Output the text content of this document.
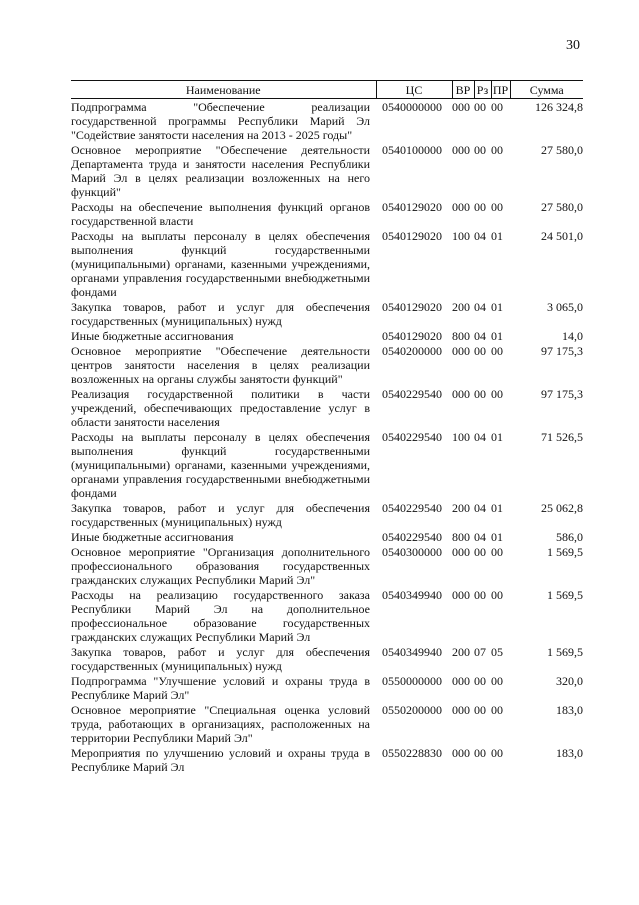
30
Наименование	ЦС	ВР	Рз	ПР	Сумма
Подпрограмма "Обеспечение реализации государственной программы Республики Марий Эл "Содействие занятости населения на 2013 - 2025 годы"	0540000000	000	00	00	126 324,8
Основное мероприятие "Обеспечение деятельности Департамента труда и занятости населения Республики Марий Эл в целях реализации возложенных на него функций"	0540100000	000	00	00	27 580,0
Расходы на обеспечение выполнения функций органов государственной власти	0540129020	000	00	00	27 580,0
Расходы на выплаты персоналу в целях обеспечения выполнения функций государственными (муниципальными) органами, казенными учреждениями, органами управления государственными внебюджетными фондами	0540129020	100	04	01	24 501,0
Закупка товаров, работ и услуг для обеспечения государственных (муниципальных) нужд	0540129020	200	04	01	3 065,0
Иные бюджетные ассигнования	0540129020	800	04	01	14,0
Основное мероприятие "Обеспечение деятельности центров занятости населения в целях реализации возложенных на органы службы занятости функций"	0540200000	000	00	00	97 175,3
Реализация государственной политики в части учреждений, обеспечивающих предоставление услуг в области занятости населения	0540229540	000	00	00	97 175,3
Расходы на выплаты персоналу в целях обеспечения выполнения функций государственными (муниципальными) органами, казенными учреждениями, органами управления государственными внебюджетными фондами	0540229540	100	04	01	71 526,5
Закупка товаров, работ и услуг для обеспечения государственных (муниципальных) нужд	0540229540	200	04	01	25 062,8
Иные бюджетные ассигнования	0540229540	800	04	01	586,0
Основное мероприятие "Организация дополнительного профессионального образования государственных гражданских служащих Республики Марий Эл"	0540300000	000	00	00	1 569,5
Расходы на реализацию государственного заказа Республики Марий Эл на дополнительное профессиональное образование государственных гражданских служащих Республики Марий Эл	0540349940	000	00	00	1 569,5
Закупка товаров, работ и услуг для обеспечения государственных (муниципальных) нужд	0540349940	200	07	05	1 569,5
Подпрограмма "Улучшение условий и охраны труда в Республике Марий Эл"	0550000000	000	00	00	320,0
Основное мероприятие "Специальная оценка условий труда, работающих в организациях, расположенных на территории Республики Марий Эл"	0550200000	000	00	00	183,0
Мероприятия по улучшению условий и охраны труда в Республике Марий Эл	0550228830	000	00	00	183,0
